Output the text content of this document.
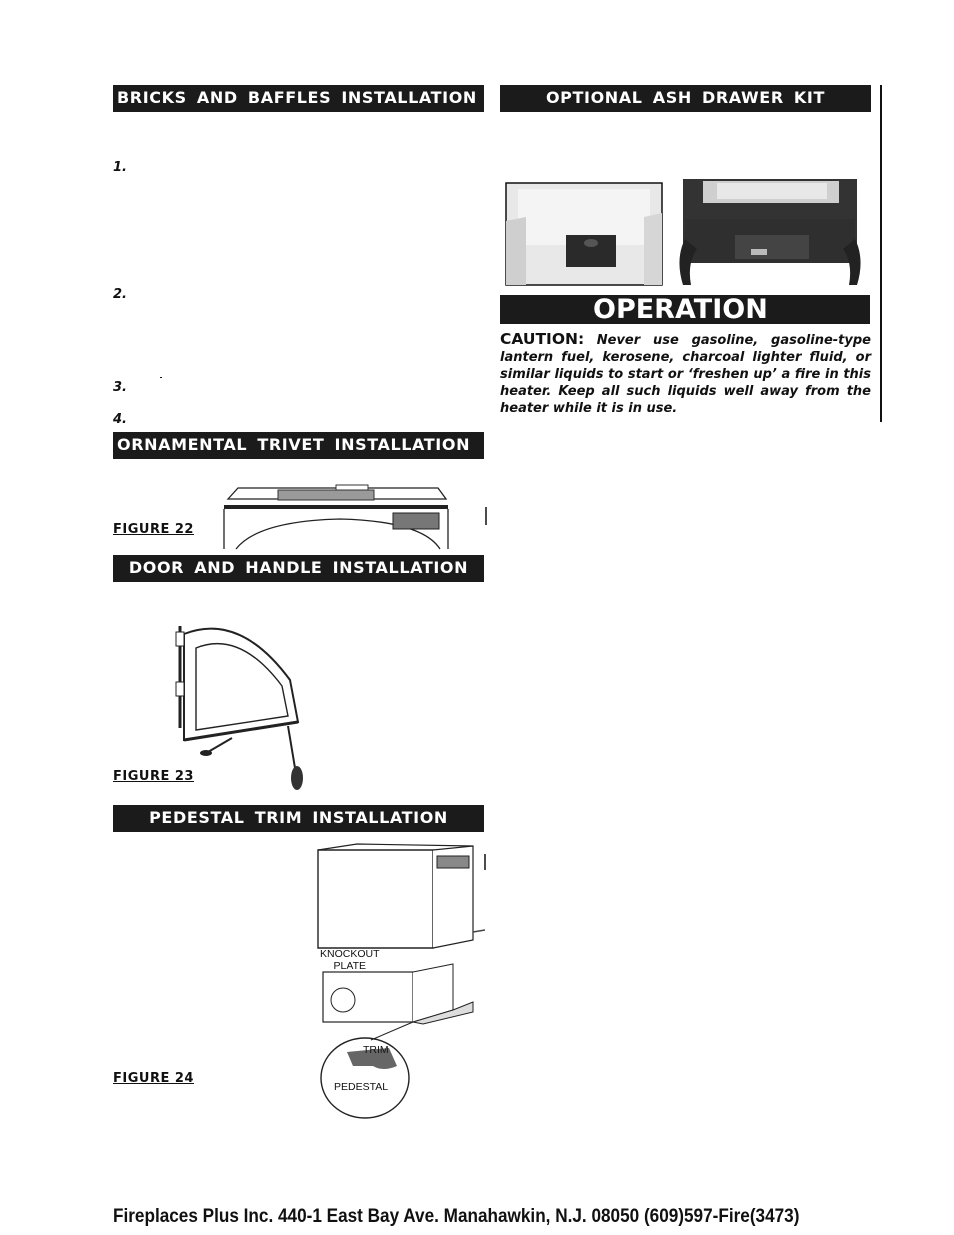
BRICKS AND BAFFLES INSTALLATION	OPTIONAL ASH DRAWER KIT
1.
2.
3.
4.
ORNAMENTAL TRIVET INSTALLATION
FIGURE 22
DOOR AND HANDLE INSTALLATION
FIGURE 23
PEDESTAL TRIM INSTALLATION
KNOCKOUT
PLATE
TRIM
PEDESTAL
FIGURE 24
OPERATION
CAUTION: Never use gasoline, gasoline-type lantern fuel, kerosene, charcoal lighter fluid, or similar liquids to start or ‘freshen up’ a fire in this heater. Keep all such liquids well away from the heater while it is in use.
Fireplaces Plus Inc. 440-1 East Bay Ave. Manahawkin, N.J. 08050 (609)597-Fire(3473)
